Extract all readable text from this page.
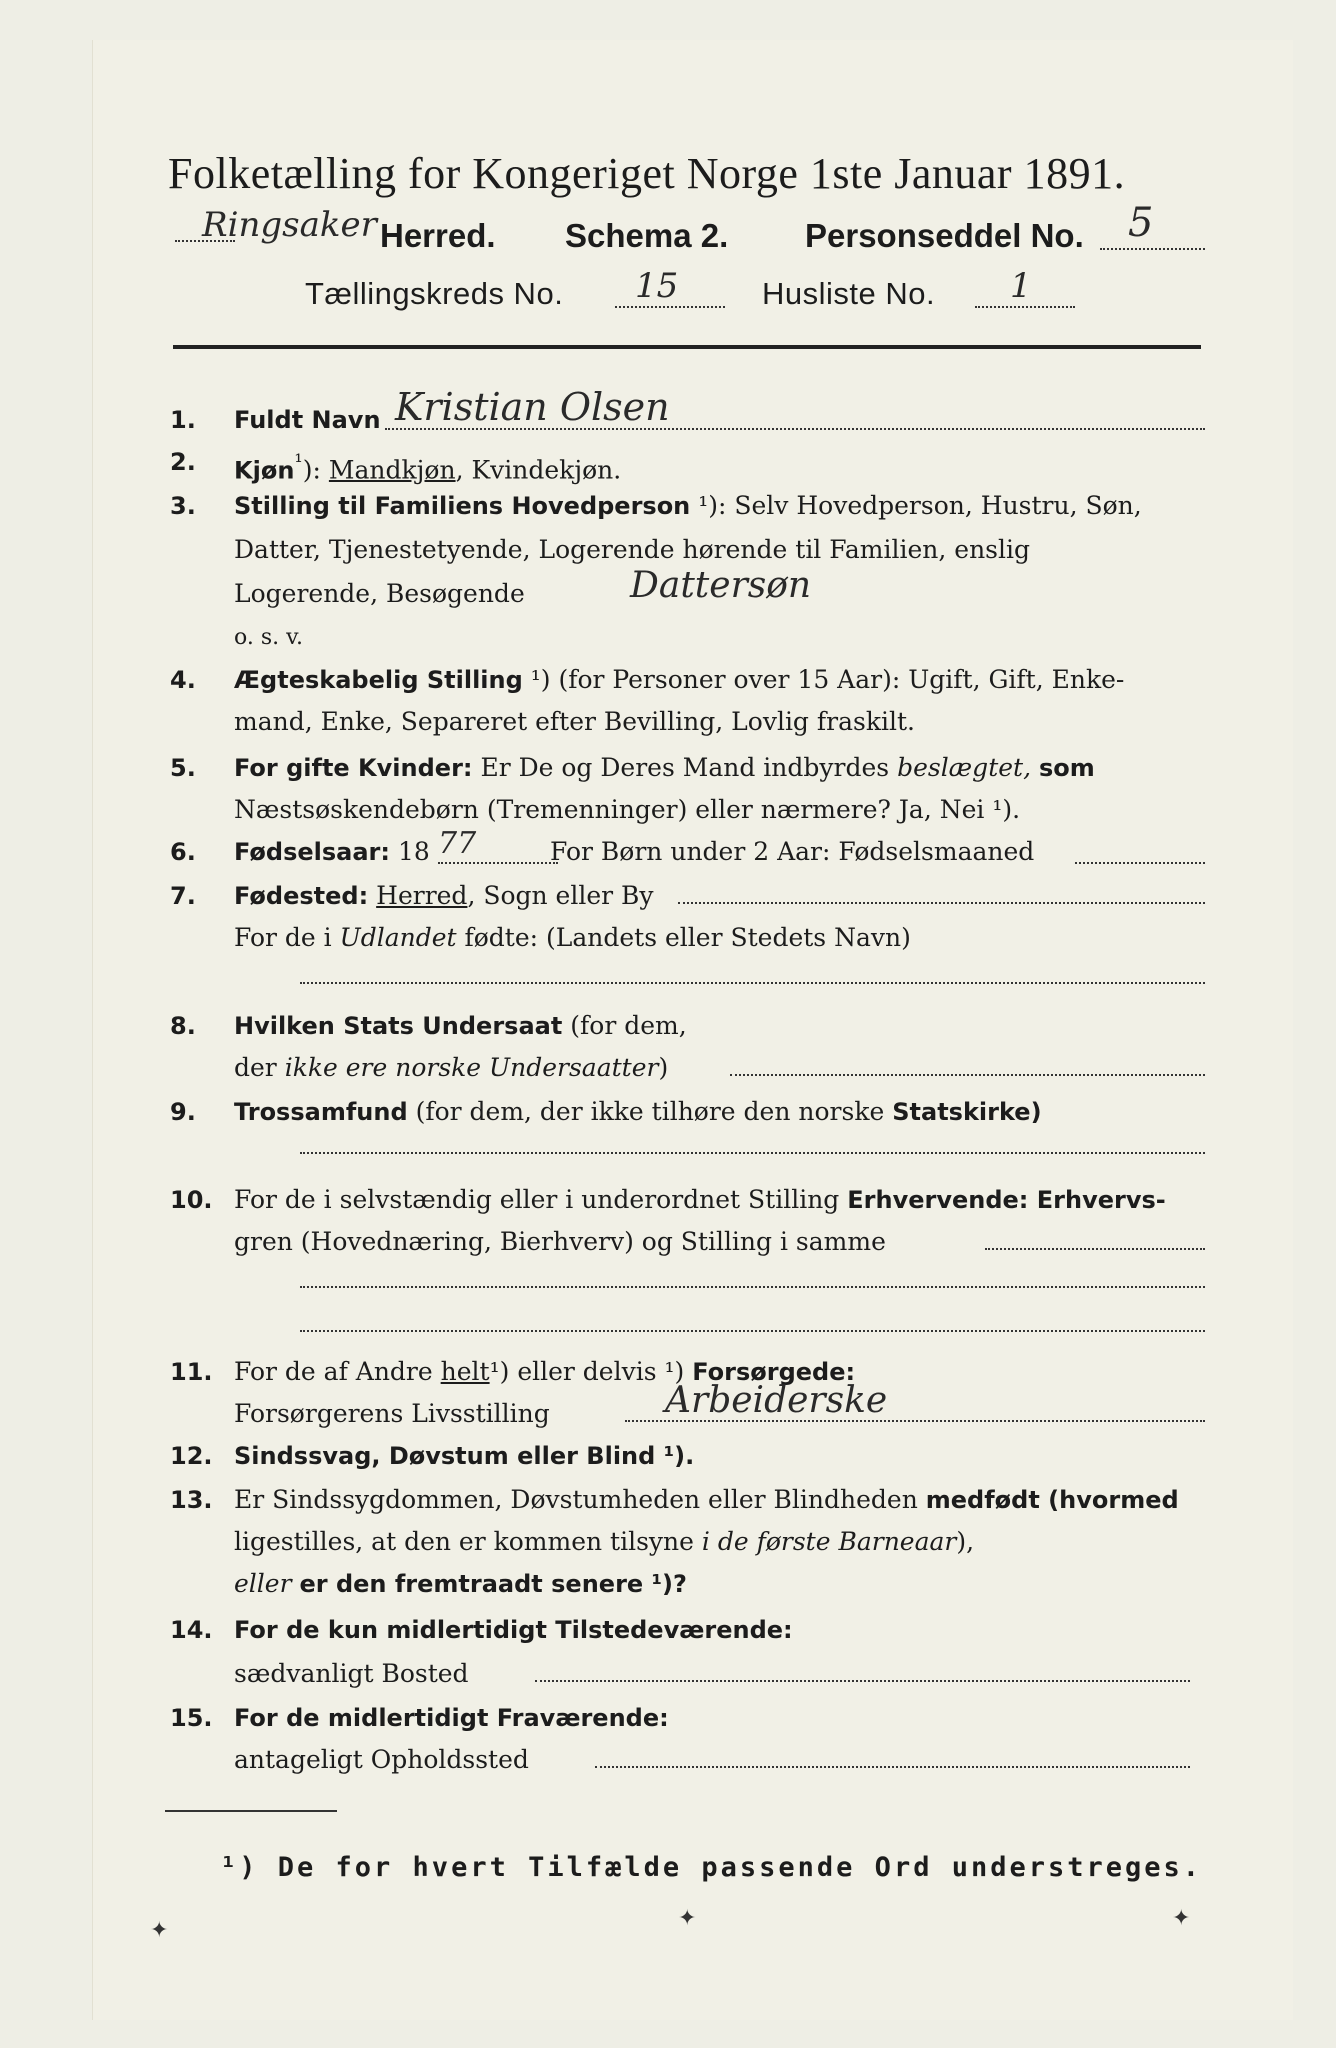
Folketælling for Kongeriget Norge 1ste Januar 1891.
Ringsaker Herred. Schema 2. Personseddel No. 5
Tællingskreds No. 15	Husliste No. 1
1.	Fuldt Navn Kristian Olsen
2.	Kjøn$^{^1}$): Mandkjøn, Kvindekjøn.
3.	Stilling til Familiens Hovedperson ¹): Selv Hovedperson, Hustru, Søn,
Datter, Tjenestetyende, Logerende hørende til Familien, enslig
Logerende, Besøgende	Dattersøn
o. s. v.
4.	Ægteskabelig Stilling ¹) (for Personer over 15 Aar): Ugift, Gift, Enke-
mand, Enke, Separeret efter Bevilling, Lovlig fraskilt.
5.	For gifte Kvinder: Er De og Deres Mand indbyrdes beslægtet, som
Næstsøskendebørn (Tremenninger) eller nærmere? Ja, Nei ¹).
6.	Fødselsaar: 18 77	For Børn under 2 Aar: Fødselsmaaned
7.	Fødested: Herred, Sogn eller By
For de i Udlandet fødte: (Landets eller Stedets Navn)
8.	Hvilken Stats Undersaat (for dem,
der ikke ere norske Undersaatter)
9.	Trossamfund (for dem, der ikke tilhøre den norske Statskirke)
10. For de i selvstændig eller i underordnet Stilling Erhvervende: Erhvervs-
gren (Hovednæring, Bierhverv) og Stilling i samme
11. For de af Andre helt¹) eller delvis ¹) Forsørgede:
Forsørgerens Livsstilling	Arbeiderske
12. Sindssvag, Døvstum eller Blind ¹).
13. Er Sindssygdommen, Døvstumheden eller Blindheden medfødt (hvormed
ligestilles, at den er kommen tilsyne i de første Barneaar),
eller er den fremtraadt senere ¹)?
14. For de kun midlertidigt Tilstedeværende:
sædvanligt Bosted
15. For de midlertidigt Fraværende:
antageligt Opholdssted
¹) De for hvert Tilfælde passende Ord understreges.
✦	✦	✦
